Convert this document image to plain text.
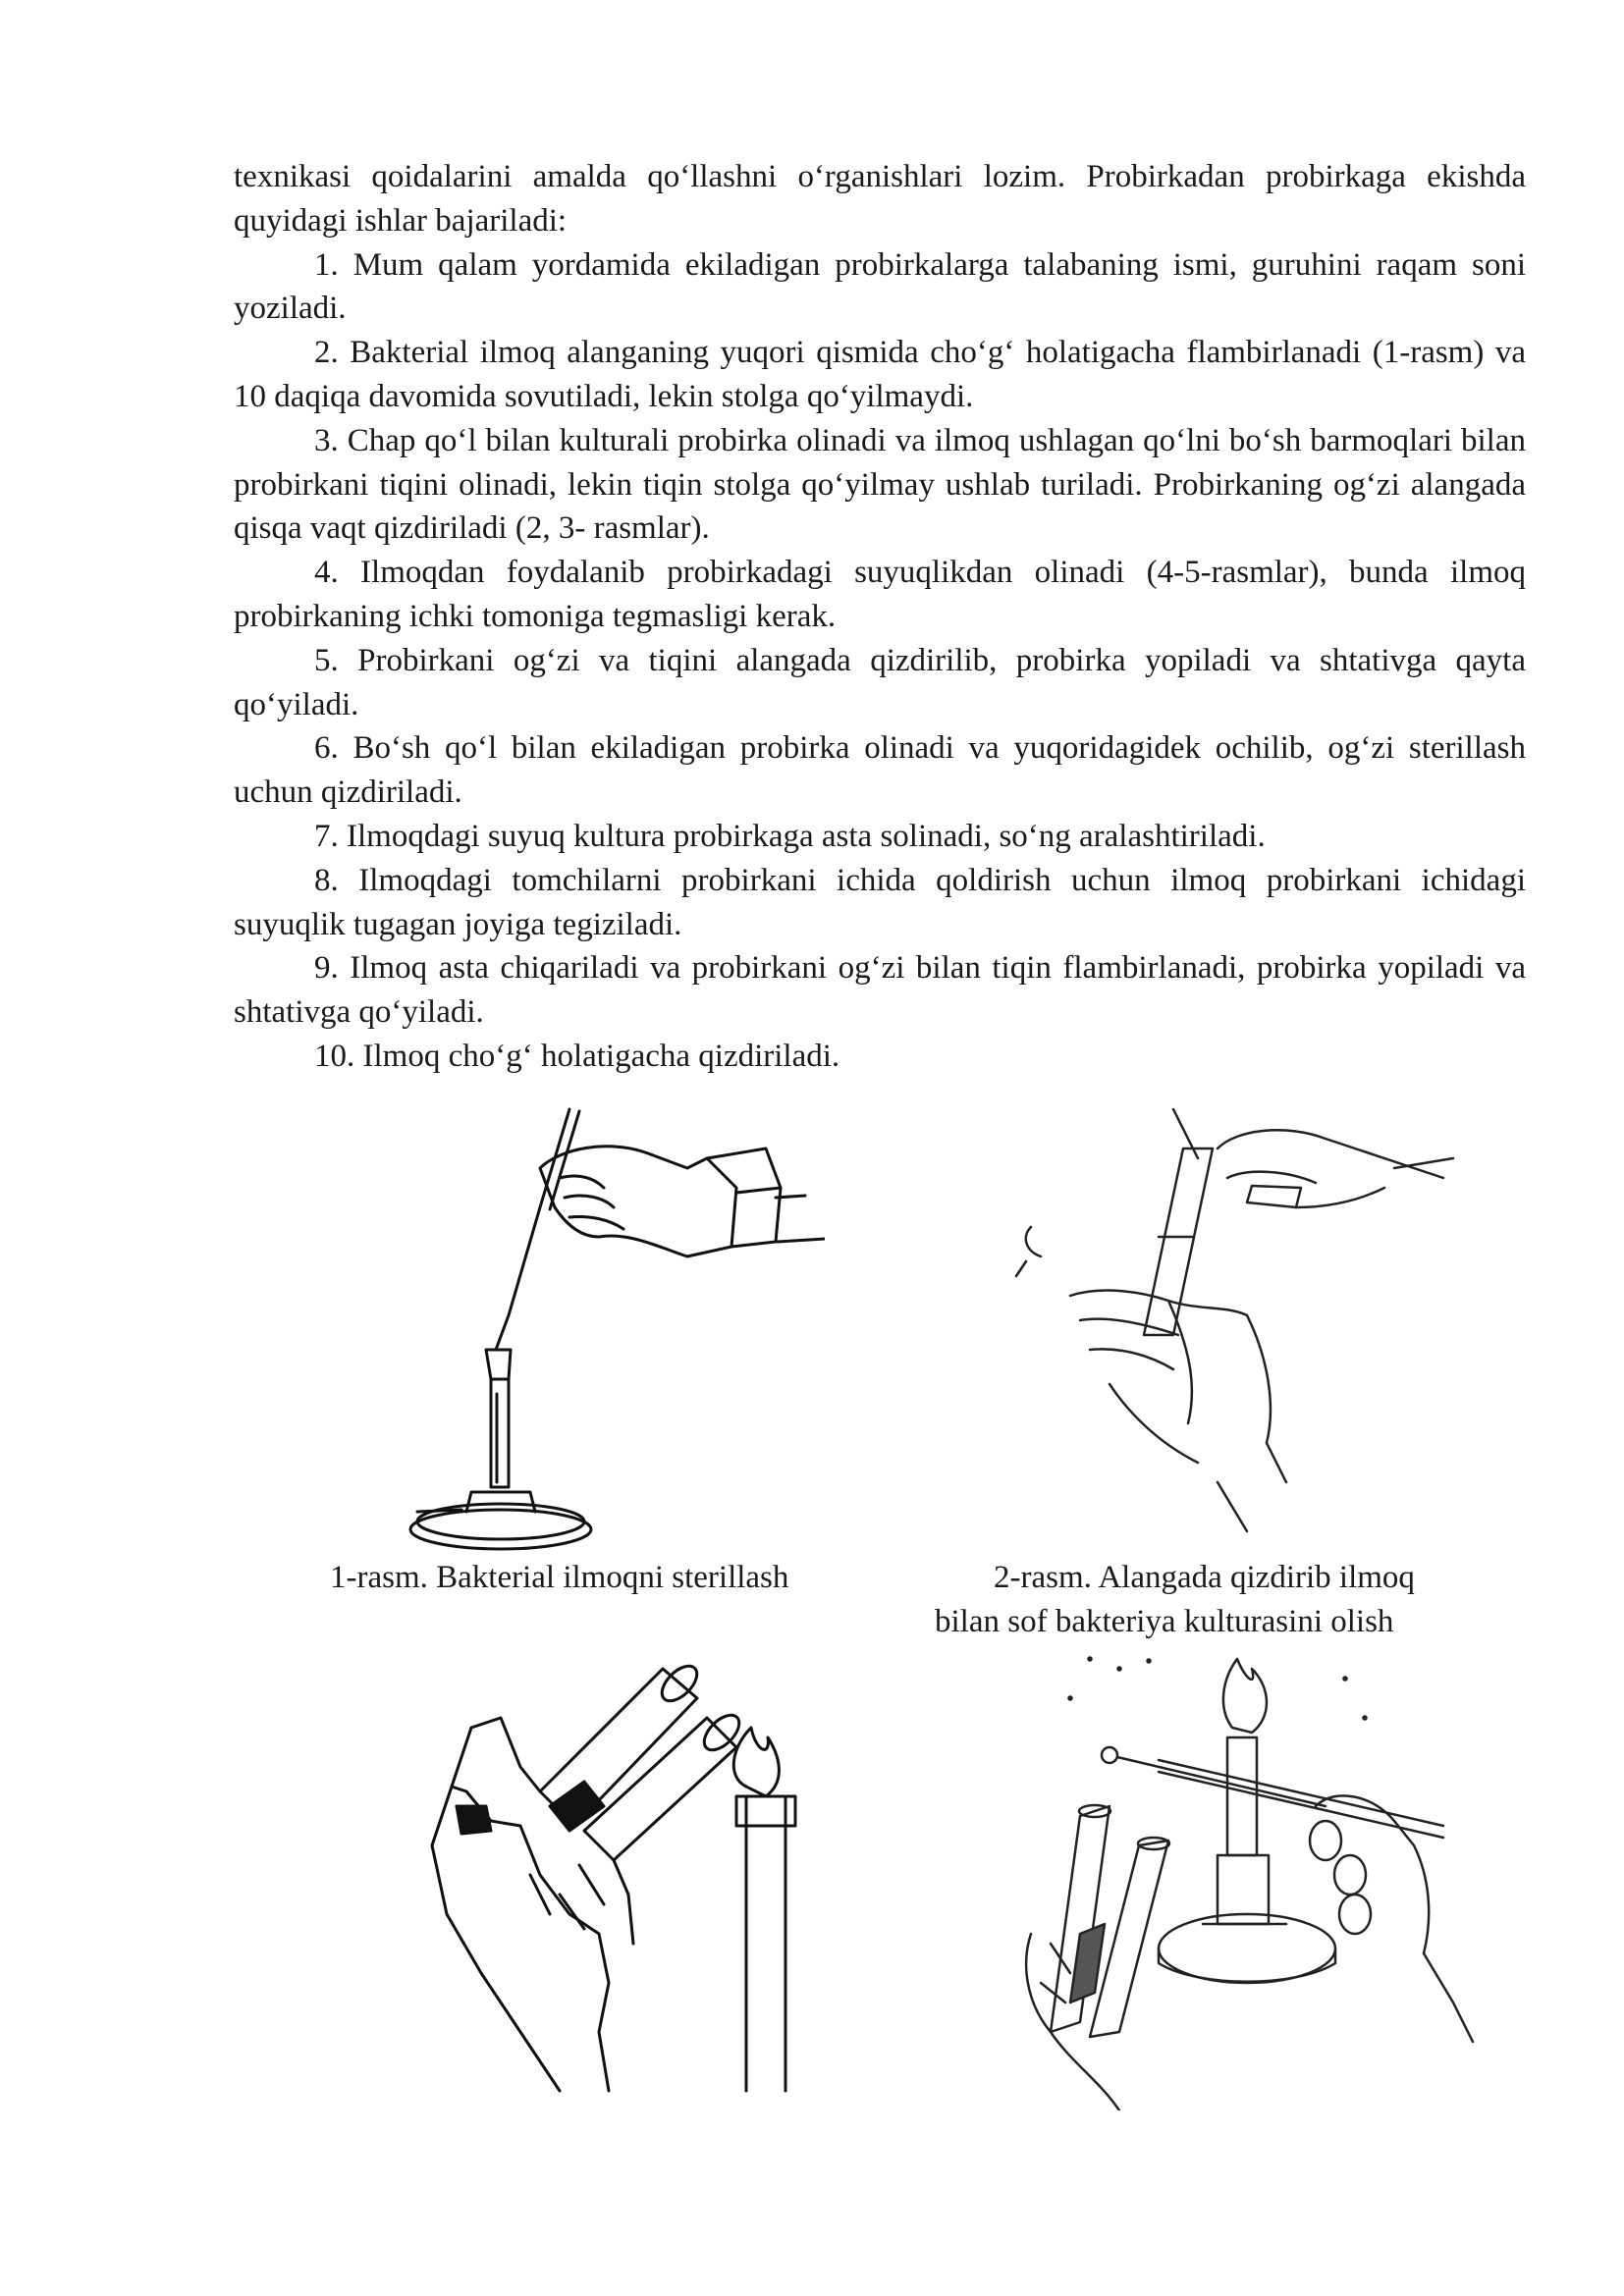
texnikasi qoidalarini amalda qo‘llashni o‘rganishlari lozim. Probirkadan probirkaga ekishda quyidagi ishlar bajariladi:

1. Mum qalam yordamida ekiladigan probirkalarga talabaning ismi, guruhini raqam soni yoziladi.

2. Bakterial ilmoq alanganing yuqori qismida cho‘g‘ holatigacha flambirlanadi (1-rasm) va 10 daqiqa davomida sovutiladi, lekin stolga qo‘yilmaydi.

3. Chap qo‘l bilan kulturali probirka olinadi va ilmoq ushlagan qo‘lni bo‘sh barmoqlari bilan probirkani tiqini olinadi, lekin tiqin stolga qo‘yilmay ushlab turiladi. Probirkaning og‘zi alangada qisqa vaqt qizdiriladi (2, 3- rasmlar).

4. Ilmoqdan foydalanib probirkadagi suyuqlikdan olinadi (4-5-rasmlar), bunda ilmoq probirkaning ichki tomoniga tegmasligi kerak.

5. Probirkani og‘zi va tiqini alangada qizdirilib, probirka yopiladi va shtativga qayta qo‘yiladi.

6. Bo‘sh qo‘l bilan ekiladigan probirka olinadi va yuqoridagidek ochilib, og‘zi sterillash uchun qizdiriladi.

7. Ilmoqdagi suyuq kultura probirkaga asta solinadi, so‘ng aralashtiriladi.

8. Ilmoqdagi tomchilarni probirkani ichida qoldirish uchun ilmoq probirkani ichidagi suyuqlik tugagan joyiga tegiziladi.

9. Ilmoq asta chiqariladi va probirkani og‘zi bilan tiqin flambirlanadi, probirka yopiladi va shtativga qo‘yiladi.

10. Ilmoq cho‘g‘ holatigacha qizdiriladi.

1-rasm. Bakterial ilmoqni sterillash	2-rasm. Alangada qizdirib ilmoq
bilan sof bakteriya kulturasini olish
